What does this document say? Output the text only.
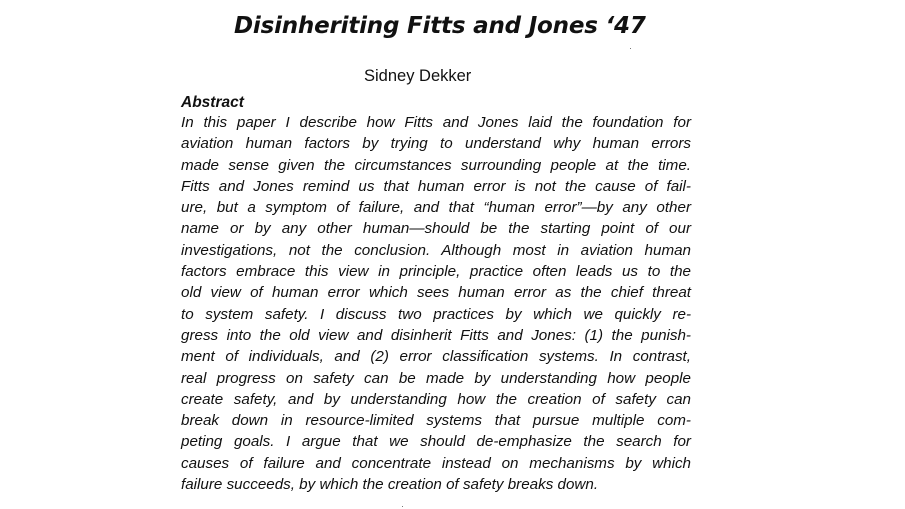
Disinheriting Fitts and Jones ‘47

Sidney Dekker

Abstract

In this paper I describe how Fitts and Jones laid the foundation for
aviation human factors by trying to understand why human errors
made sense given the circumstances surrounding people at the time.
Fitts and Jones remind us that human error is not the cause of fail-
ure, but a symptom of failure, and that “human error”—by any other
name or by any other human—should be the starting point of our
investigations, not the conclusion. Although most in aviation human
factors embrace this view in principle, practice often leads us to the
old view of human error which sees human error as the chief threat
to system safety. I discuss two practices by which we quickly re-
gress into the old view and disinherit Fitts and Jones: (1) the punish-
ment of individuals, and (2) error classification systems. In contrast,
real progress on safety can be made by understanding how people
create safety, and by understanding how the creation of safety can
break down in resource-limited systems that pursue multiple com-
peting goals. I argue that we should de-emphasize the search for
causes of failure and concentrate instead on mechanisms by which
failure succeeds, by which the creation of safety breaks down.
